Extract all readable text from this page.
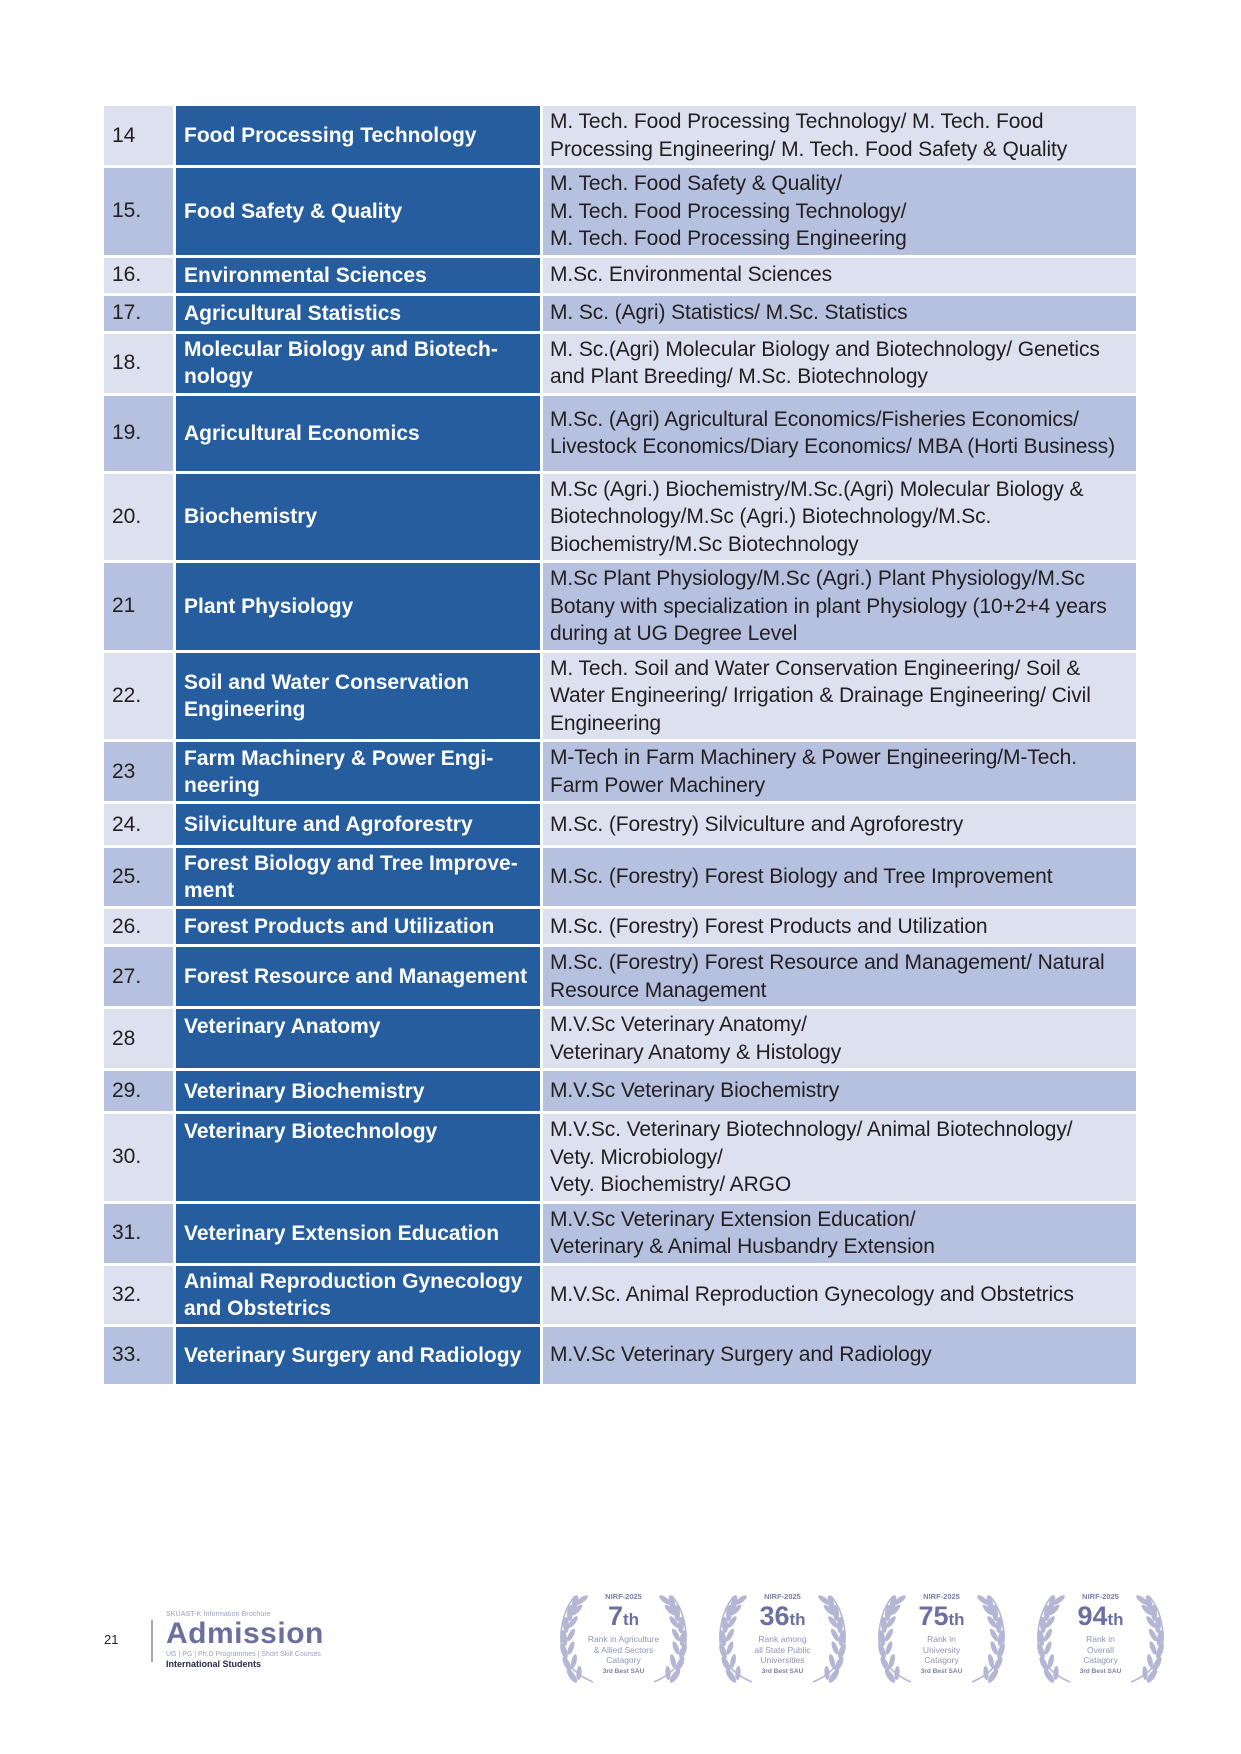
14	Food Processing Technology	M. Tech. Food Processing Technology/ M. Tech. Food Processing Engineering/ M. Tech. Food Safety & Quality
15.	Food Safety & Quality	M. Tech. Food Safety & Quality/
M. Tech. Food Processing Technology/
M. Tech. Food Processing Engineering

16.	Environmental Sciences	M.Sc. Environmental Sciences
17.	Agricultural Statistics	M. Sc. (Agri) Statistics/ M.Sc. Statistics
18.	Molecular Biology and Biotechnology	M. Sc.(Agri) Molecular Biology and Biotechnology/ Genetics and Plant Breeding/ M.Sc. Biotechnology
19.	Agricultural Economics	M.Sc. (Agri) Agricultural Economics/Fisheries Economics/ Livestock Economics/Diary Economics/ MBA (Horti Business)
20.	Biochemistry	M.Sc (Agri.) Biochemistry/M.Sc.(Agri) Molecular Biology & Biotechnology/M.Sc (Agri.) Biotechnology/M.Sc. Biochemistry/M.Sc Biotechnology
21	Plant Physiology	M.Sc Plant Physiology/M.Sc (Agri.) Plant Physiology/M.Sc Botany with specialization in plant Physiology (10+2+4 years during at UG Degree Level
22.	Soil and Water Conservation Engineering	M. Tech. Soil and Water Conservation Engineering/ Soil & Water Engineering/ Irrigation & Drainage Engineering/ Civil Engineering
23	Farm Machinery & Power Engineering	M-Tech in Farm Machinery & Power Engineering/M-Tech. Farm Power Machinery
24.	Silviculture and Agroforestry	M.Sc. (Forestry) Silviculture and Agroforestry
25.	Forest Biology and Tree Improvement	M.Sc. (Forestry) Forest Biology and Tree Improvement
26.	Forest Products and Utilization	M.Sc. (Forestry) Forest Products and Utilization
27.	Forest Resource and Management	M.Sc. (Forestry) Forest Resource and Management/ Natural Resource Management
28	Veterinary Anatomy	M.V.Sc Veterinary Anatomy/
Veterinary Anatomy & Histology

29.	Veterinary Biochemistry	M.V.Sc Veterinary Biochemistry
30.	Veterinary Biotechnology	M.V.Sc. Veterinary Biotechnology/ Animal Biotechnology/
Vety. Microbiology/
Vety. Biochemistry/ ARGO

31.	Veterinary Extension Education	M.V.Sc Veterinary Extension Education/
Veterinary & Animal Husbandry Extension

32.	Animal Reproduction Gynecology and Obstetrics	M.V.Sc. Animal Reproduction Gynecology and Obstetrics
33.	Veterinary Surgery and Radiology	M.V.Sc Veterinary Surgery and Radiology
21
SKUAST-K Information Brochure
Admission
UG | PG | Ph.D Programmes | Short Skill Courses
International Students
NIRF-2025
7th
Rank in Agriculture
& Allied Sectors
Catagory
3rd Best SAU
NIRF-2025
36th
Rank among
all State Public
Universities
3rd Best SAU
NIRF-2025
75th
Rank in
University
Catagory
3rd Best SAU
NIRF-2025
94th
Rank in
Overall
Catagory
3rd Best SAU
